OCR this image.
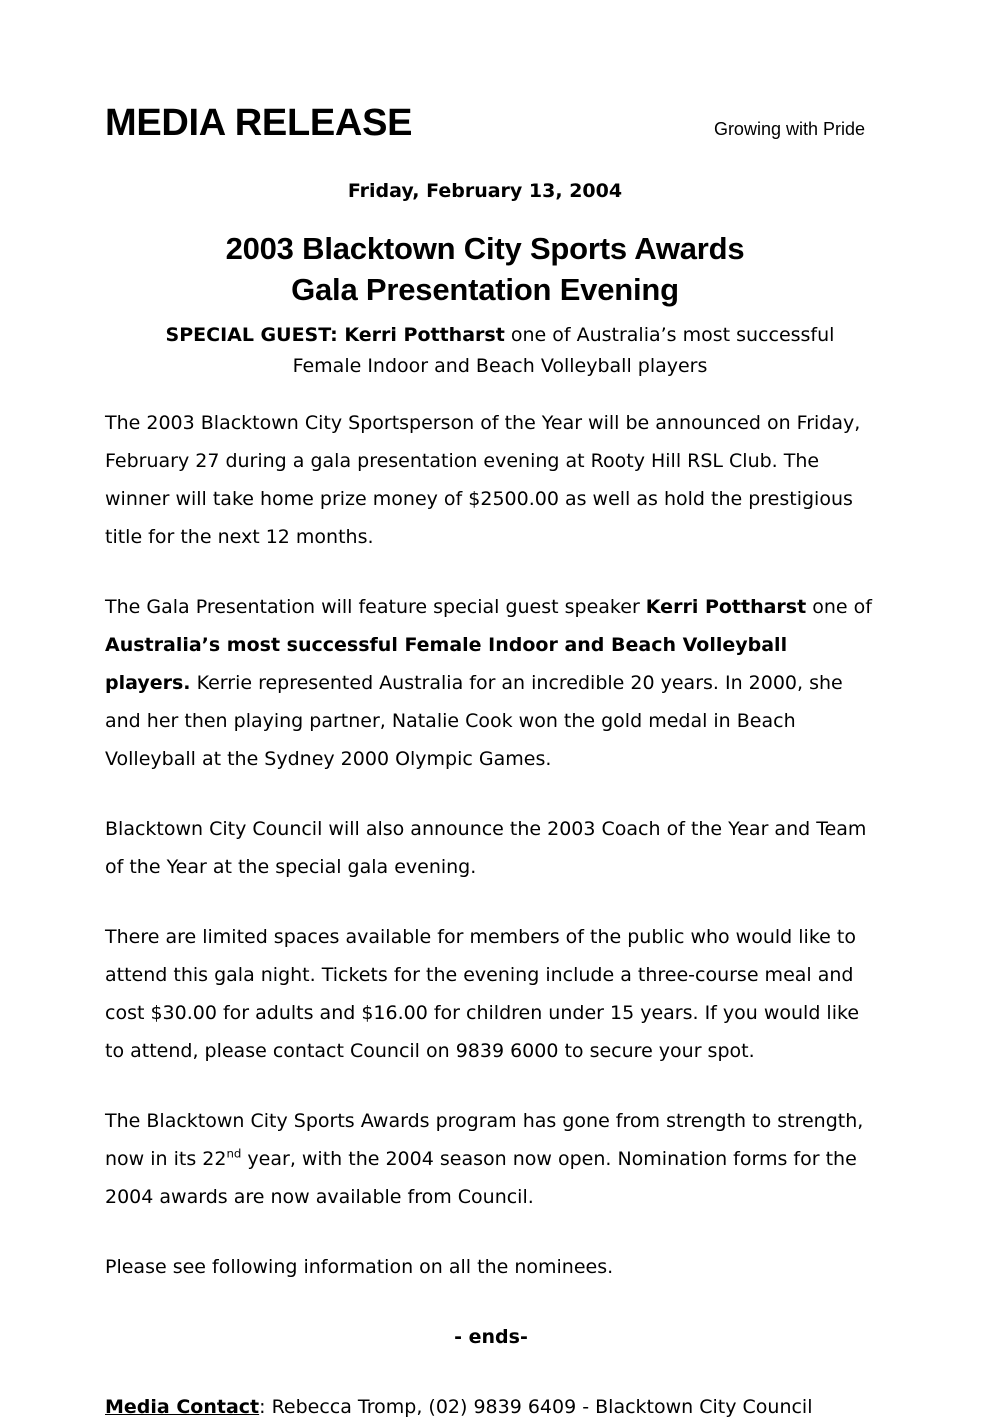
MEDIA RELEASE	Growing with Pride
Friday, February 13, 2004
2003 Blacktown City Sports Awards
Gala Presentation Evening
SPECIAL GUEST: Kerri Pottharst one of Australia’s most successful Female Indoor and Beach Volleyball players

The 2003 Blacktown City Sportsperson of the Year will be announced on Friday, February 27 during a gala presentation evening at Rooty Hill RSL Club. The winner will take home prize money of $2500.00 as well as hold the prestigious title for the next 12 months.

The Gala Presentation will feature special guest speaker Kerri Pottharst one of Australia’s most successful Female Indoor and Beach Volleyball players. Kerrie represented Australia for an incredible 20 years. In 2000, she and her then playing partner, Natalie Cook won the gold medal in Beach Volleyball at the Sydney 2000 Olympic Games.

Blacktown City Council will also announce the 2003 Coach of the Year and Team of the Year at the special gala evening.

There are limited spaces available for members of the public who would like to attend this gala night. Tickets for the evening include a three-course meal and cost $30.00 for adults and $16.00 for children under 15 years. If you would like to attend, please contact Council on 9839 6000 to secure your spot.

The Blacktown City Sports Awards program has gone from strength to strength, now in its 22nd year, with the 2004 season now open. Nomination forms for the 2004 awards are now available from Council.

Please see following information on all the nominees.

- ends-

Media Contact: Rebecca Tromp, (02) 9839 6409 - Blacktown City Council
